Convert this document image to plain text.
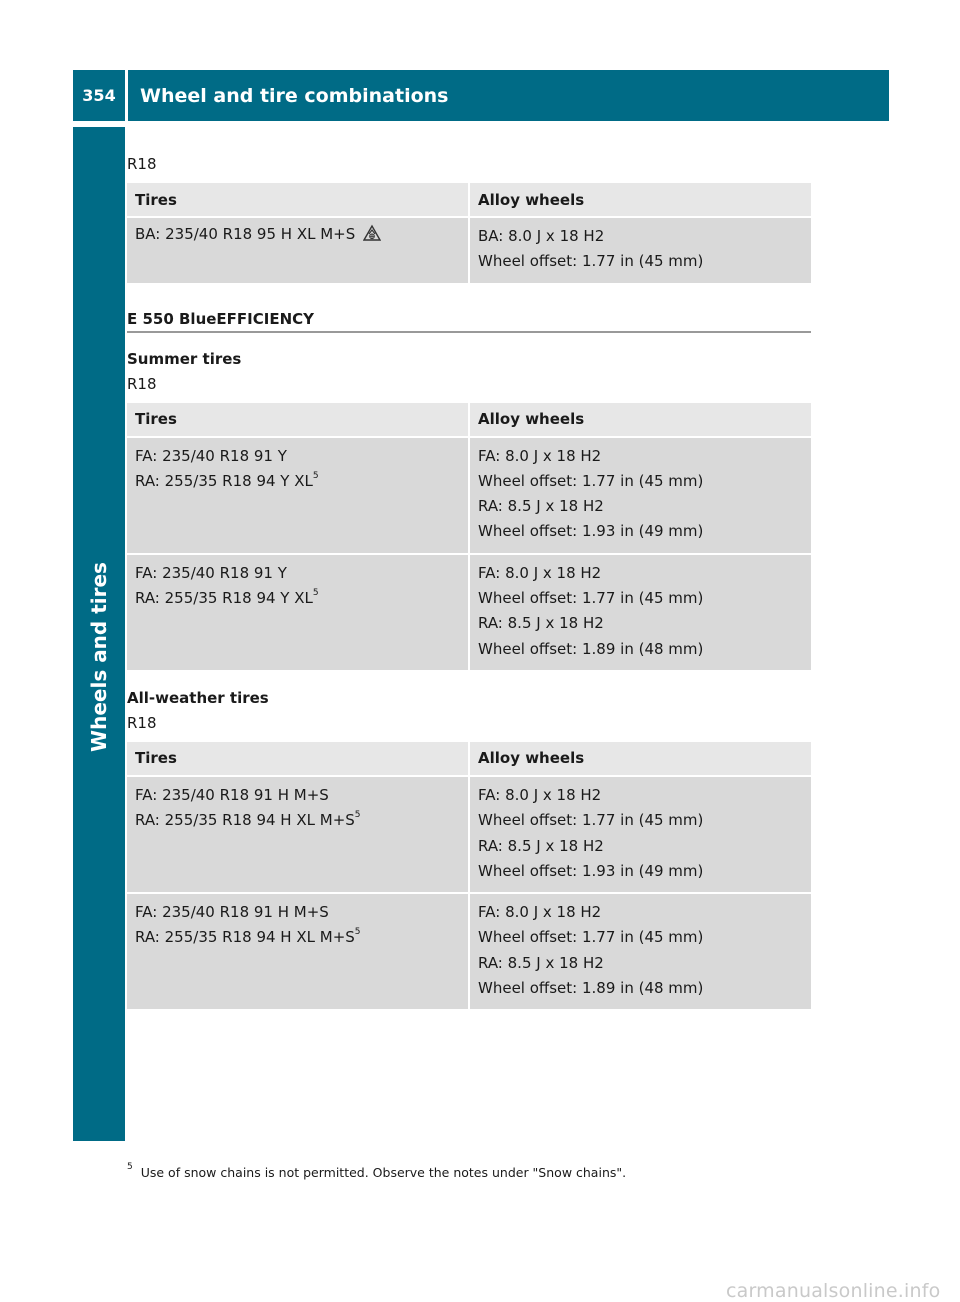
354	Wheel and tire combinations
Wheels and tires

R18

Tires	Alloy wheels
BA: 235/40 R18 95 H XL M+S	BA: 8.0 J x 18 H2
Wheel offset: 1.77 in (45 mm)
E 550 BlueEFFICIENCY

Summer tires

R18

Tires	Alloy wheels

FA: 235/40 R18 91 Y
RA: 255/35 R18 94 Y $XL^5$	FA: 8.0 J x 18 H2
Wheel offset: 1.77 in (45 mm)
RA: 8.5 J x 18 H2
Wheel offset: 1.93 in (49 mm)

FA: 235/40 R18 91 Y
RA: 255/35 R18 94 Y $XL^5$	FA: 8.0 J x 18 H2
Wheel offset: 1.77 in (45 mm)
RA: 8.5 J x 18 H2
Wheel offset: 1.89 in (48 mm)

All-weather tires

R18

Tires	Alloy wheels

FA: 235/40 R18 91 H M+S
RA: 255/35 R18 94 H XL $M+S^5$	FA: 8.0 J x 18 H2
Wheel offset: 1.77 in (45 mm)
RA: 8.5 J x 18 H2
Wheel offset: 1.93 in (49 mm)

FA: 235/40 R18 91 H M+S
RA: 255/35 R18 94 H XL $M+S^5$	FA: 8.0 J x 18 H2
Wheel offset: 1.77 in (45 mm)
RA: 8.5 J x 18 H2
Wheel offset: 1.89 in (48 mm)
$^5$ Use of snow chains is not permitted. Observe the notes under "Snow chains".
carmanualsonline.info
